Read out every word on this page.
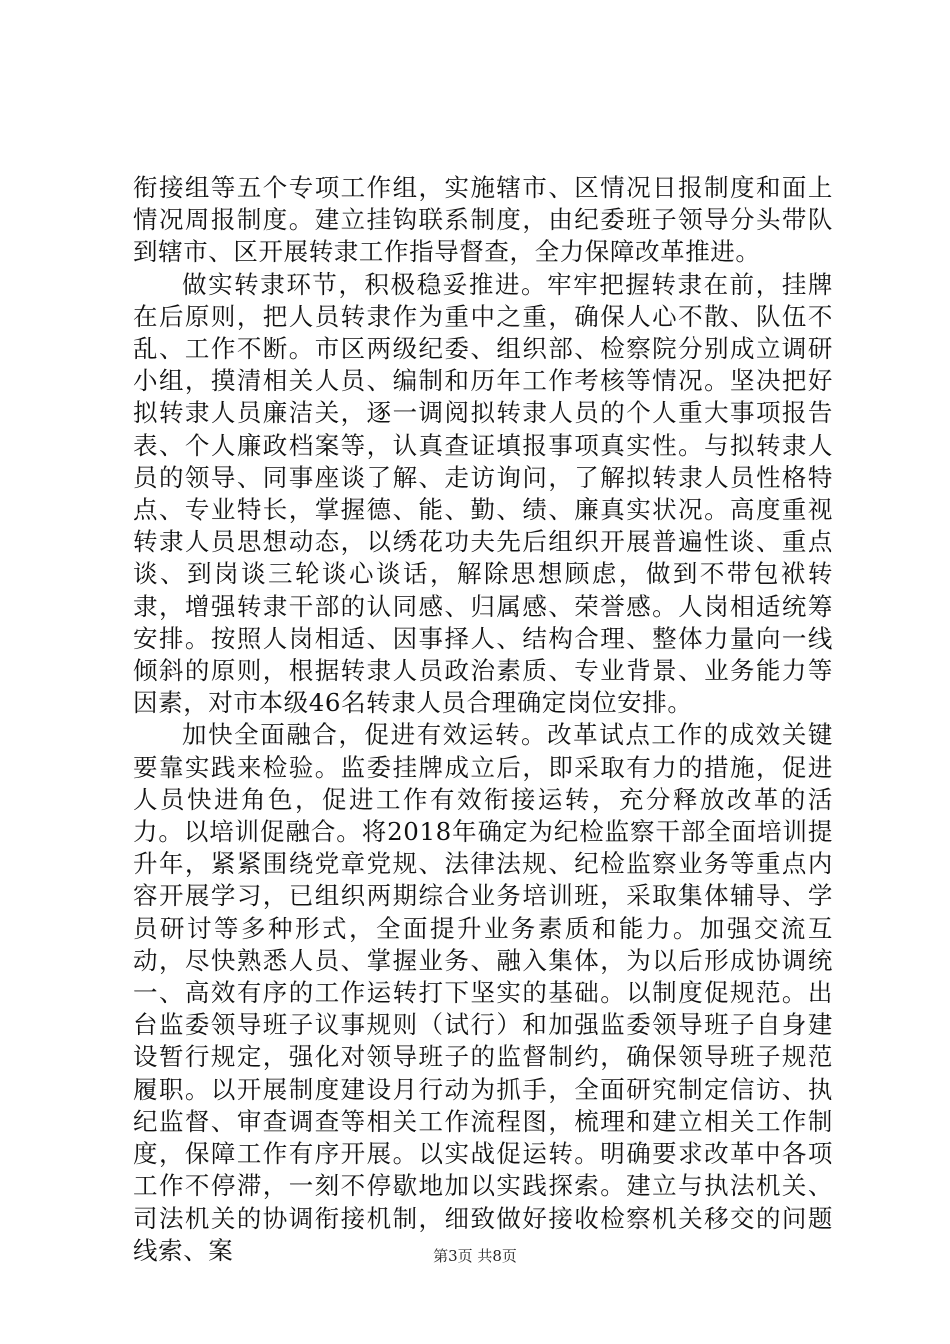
衔接组等五个专项工作组，实施辖市、区情况日报制度和面上情况周报制度。建立挂钩联系制度，由纪委班子领导分头带队到辖市、区开展转隶工作指导督查，全力保障改革推进。

做实转隶环节，积极稳妥推进。牢牢把握转隶在前，挂牌在后原则，把人员转隶作为重中之重，确保人心不散、队伍不乱、工作不断。市区两级纪委、组织部、检察院分别成立调研小组，摸清相关人员、编制和历年工作考核等情况。坚决把好拟转隶人员廉洁关，逐一调阅拟转隶人员的个人重大事项报告表、个人廉政档案等，认真查证填报事项真实性。与拟转隶人员的领导、同事座谈了解、走访询问，了解拟转隶人员性格特点、专业特长，掌握德、能、勤、绩、廉真实状况。高度重视转隶人员思想动态，以绣花功夫先后组织开展普遍性谈、重点谈、到岗谈三轮谈心谈话，解除思想顾虑，做到不带包袱转隶，增强转隶干部的认同感、归属感、荣誉感。人岗相适统筹安排。按照人岗相适、因事择人、结构合理、整体力量向一线倾斜的原则，根据转隶人员政治素质、专业背景、业务能力等因素，对市本级46名转隶人员合理确定岗位安排。

加快全面融合，促进有效运转。改革试点工作的成效关键要靠实践来检验。监委挂牌成立后，即采取有力的措施，促进人员快进角色，促进工作有效衔接运转，充分释放改革的活力。以培训促融合。将2018年确定为纪检监察干部全面培训提升年，紧紧围绕党章党规、法律法规、纪检监察业务等重点内容开展学习，已组织两期综合业务培训班，采取集体辅导、学员研讨等多种形式，全面提升业务素质和能力。加强交流互动，尽快熟悉人员、掌握业务、融入集体，为以后形成协调统一、高效有序的工作运转打下坚实的基础。以制度促规范。出台监委领导班子议事规则（试行）和加强监委领导班子自身建设暂行规定，强化对领导班子的监督制约，确保领导班子规范履职。以开展制度建设月行动为抓手，全面研究制定信访、执纪监督、审查调查等相关工作流程图，梳理和建立相关工作制度，保障工作有序开展。以实战促运转。明确要求改革中各项工作不停滞，一刻不停歇地加以实践探索。建立与执法机关、司法机关的协调衔接机制，细致做好接收检察机关移交的问题线索、案	第3页 共8页
